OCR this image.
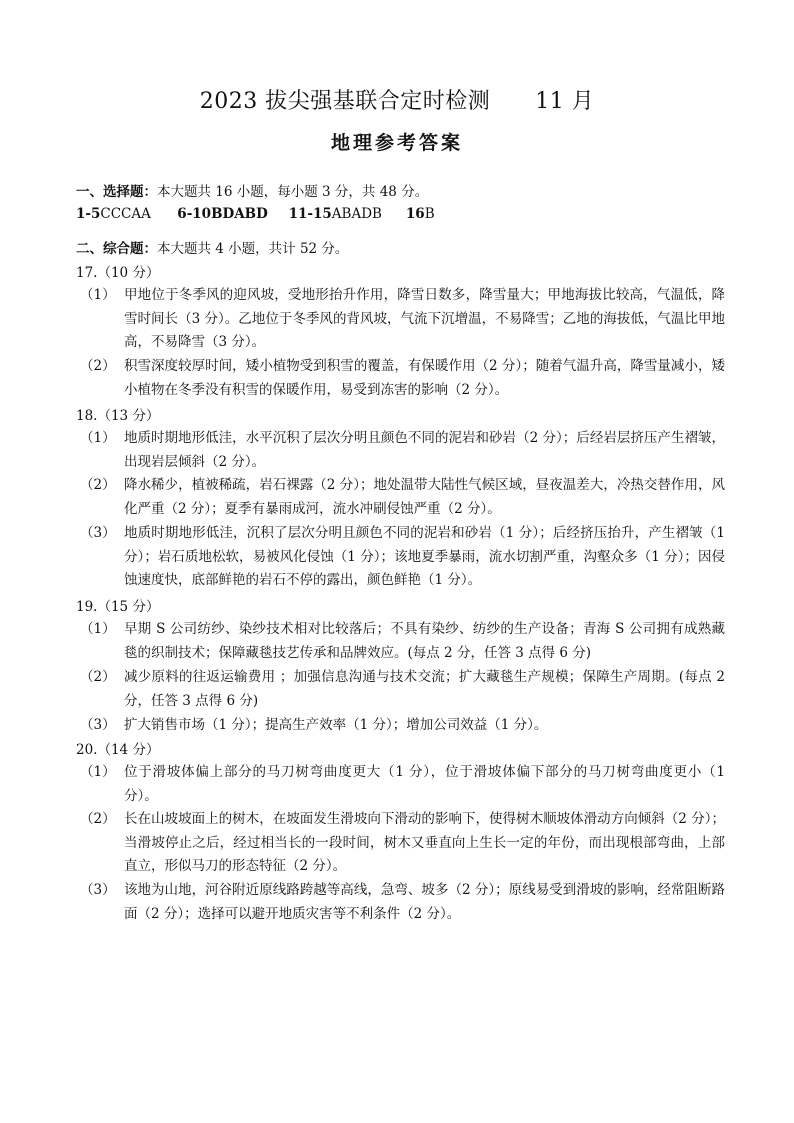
2023 拔尖强基联合定时检测      11 月
地理参考答案
一、选择题：本大题共 16 小题，每小题 3 分，共 48 分。
1-5CCCAA 6-10BDABD 11-15ABADB 16B
二、综合题：本大题共 4 小题，共计 52 分。
17.（10 分）
（1） 甲地位于冬季风的迎风坡，受地形抬升作用，降雪日数多，降雪量大；甲地海拔比较高，气温低，降雪时间长（3 分）。乙地位于冬季风的背风坡，气流下沉增温，不易降雪；乙地的海拔低，气温比甲地高，不易降雪（3 分）。
（2） 积雪深度较厚时间，矮小植物受到积雪的覆盖，有保暖作用（2 分）；随着气温升高，降雪量减小，矮小植物在冬季没有积雪的保暖作用，易受到冻害的影响（2 分）。
18.（13 分）
（1） 地质时期地形低洼，水平沉积了层次分明且颜色不同的泥岩和砂岩（2 分）；后经岩层挤压产生褶皱，出现岩层倾斜（2 分）。
（2） 降水稀少，植被稀疏，岩石裸露（2 分）；地处温带大陆性气候区域，昼夜温差大，冷热交替作用，风化严重（2 分）；夏季有暴雨成河，流水冲刷侵蚀严重（2 分）。
（3） 地质时期地形低洼，沉积了层次分明且颜色不同的泥岩和砂岩（1 分）；后经挤压抬升，产生褶皱（1 分）；岩石质地松软，易被风化侵蚀（1 分）；该地夏季暴雨，流水切割严重，沟壑众多（1 分）；因侵蚀速度快，底部鲜艳的岩石不停的露出，颜色鲜艳（1 分）。
19.（15 分）
（1） 早期 S 公司纺纱、染纱技术相对比较落后；不具有染纱、纺纱的生产设备；青海 S 公司拥有成熟藏毯的织制技术；保障藏毯技艺传承和品牌效应。(每点 2 分，任答 3 点得 6 分)
（2） 减少原料的往返运输费用 ；加强信息沟通与技术交流；扩大藏毯生产规模；保障生产周期。(每点 2 分，任答 3 点得 6 分)
（3） 扩大销售市场（1 分）；提高生产效率（1 分）；增加公司效益（1 分）。
20.（14 分）
（1） 位于滑坡体偏上部分的马刀树弯曲度更大（1 分），位于滑坡体偏下部分的马刀树弯曲度更小（1 分）。
（2） 长在山坡坡面上的树木，在坡面发生滑坡向下滑动的影响下，使得树木顺坡体滑动方向倾斜（2 分）；当滑坡停止之后，经过相当长的一段时间，树木又垂直向上生长一定的年份，而出现根部弯曲，上部直立，形似马刀的形态特征（2 分）。
（3） 该地为山地，河谷附近原线路跨越等高线，急弯、坡多（2 分）；原线易受到滑坡的影响，经常阻断路面（2 分）；选择可以避开地质灾害等不利条件（2 分）。
